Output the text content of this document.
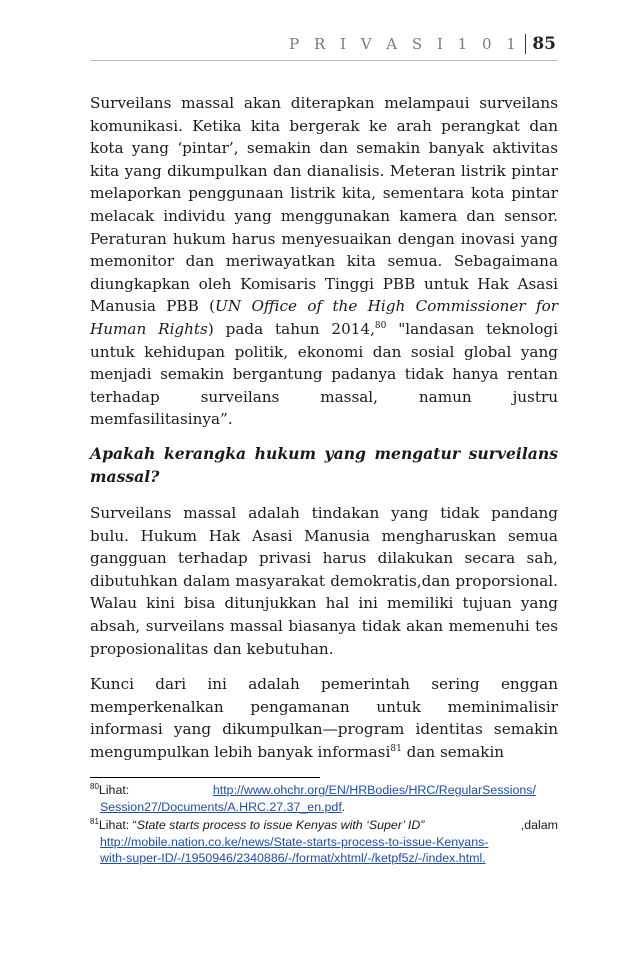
P R I V A S I 1 0 1 85

Surveilans massal akan diterapkan melampaui surveilans komunikasi. Ketika kita bergerak ke arah perangkat dan kota yang ‘pintar’, semakin dan semakin banyak aktivitas kita yang dikumpulkan dan dianalisis. Meteran listrik pintar melaporkan penggunaan listrik kita, sementara kota pintar melacak individu yang menggunakan kamera dan sensor. Peraturan hukum harus menyesuaikan dengan inovasi yang memonitor dan meriwayatkan kita semua. Sebagaimana diungkapkan oleh Komisaris Tinggi PBB untuk Hak Asasi Manusia PBB (UN Office of the High Commissioner for Human Rights) pada tahun 2014,80 "landasan teknologi untuk kehidupan politik, ekonomi dan sosial global yang menjadi semakin bergantung padanya tidak hanya rentan terhadap surveilans massal, namun justru memfasilitasinya”.

Apakah kerangka hukum yang mengatur surveilans massal?

Surveilans massal adalah tindakan yang tidak pandang bulu. Hukum Hak Asasi Manusia mengharuskan semua gangguan terhadap privasi harus dilakukan secara sah, dibutuhkan dalam masyarakat demokratis,dan proporsional. Walau kini bisa ditunjukkan hal ini memiliki tujuan yang absah, surveilans massal biasanya tidak akan memenuhi tes proposionalitas dan kebutuhan.

Kunci dari ini adalah pemerintah sering enggan memperkenalkan pengamanan untuk meminimalisir informasi yang dikumpulkan—program identitas semakin mengumpulkan lebih banyak informasi$^{81}$ dan semakin

$^{80}$Lihat:	http://www.ohchr.org/EN/HRBodies/HRC/RegularSessions/
Session27/Documents/A.HRC.27.37_en.pdf.
$^{81}$Lihat: “State starts process to issue Kenyas with ‘Super’ ID”	,dalam
http://mobile.nation.co.ke/news/State-starts-process-to-issue-Kenyans-
with-super-ID/-/1950946/2340886/-/format/xhtml/-/ketpf5z/-/index.html.
